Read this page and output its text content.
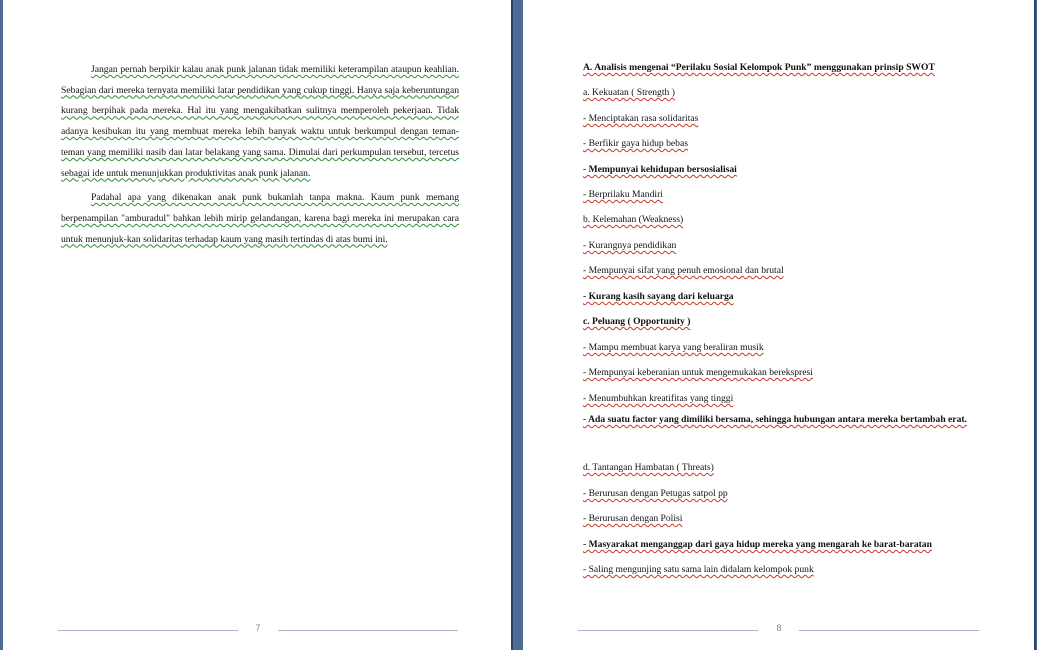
Jangan pernah berpikir kalau anak punk jalanan tidak memiliki keterampilan ataupun keahlian. Sebagian dari mereka ternyata memiliki latar pendidikan yang cukup tinggi. Hanya saja keberuntungan kurang berpihak pada mereka. Hal itu yang mengakibatkan sulitnya memperoleh pekerjaan. Tidak adanya kesibukan itu yang membuat mereka lebih banyak waktu untuk berkumpul dengan teman-teman yang memiliki nasib dan latar belakang yang sama. Dimulai dari perkumpulan tersebut, tercetus sebagai ide untuk menunjukkan produktivitas anak punk jalanan.

Padahal apa yang dikenakan anak punk bukanlah tanpa makna. Kaum punk memang berpenampilan "amburadul" bahkan lebih mirip gelandangan, karena bagi mereka ini merupakan cara untuk menunjuk-kan solidaritas terhadap kaum yang masih tertindas di atas bumi ini.

7
A. Analisis mengenai “Perilaku Sosial Kelompok Punk” menggunakan prinsip SWOT
a. Kekuatan ( Strength )
- Menciptakan rasa solidaritas
- Berfikir gaya hidup bebas
- Mempunyai kehidupan bersosialisai
- Berprilaku Mandiri
b. Kelemahan (Weakness)
- Kurangnya pendidikan
- Mempunyai sifat yang penuh emosional dan brutal
- Kurang kasih sayang dari keluarga
c. Peluang ( Opportunity )
- Mampu membuat karya yang beraliran musik
- Mempunyai keberanian untuk mengemukakan berekspresi
- Menumbuhkan kreatifitas yang tinggi
- Ada suatu factor yang dimiliki bersama, sehingga hubungan antara mereka bertambah erat.
d. Tantangan Hambatan ( Threats)
- Berurusan dengan Petugas satpol pp
- Berurusan dengan Polisi
- Masyarakat menganggap dari gaya hidup mereka yang mengarah ke barat-baratan
- Saling mengunjing satu sama lain didalam kelompok punk
8
